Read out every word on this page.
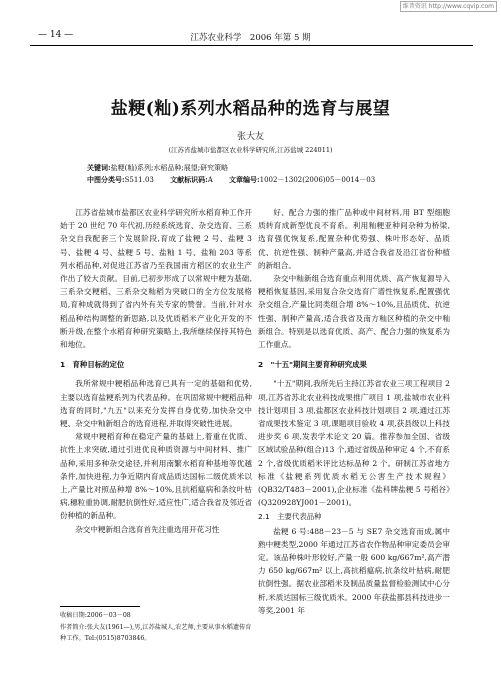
维普资讯 http://www.cqvip.com
— 14 —	江苏农业科学　2006 年第 5 期
盐粳(籼)系列水稻品种的选育与展望
张大友
(江苏省盐城市盐都区农业科学研究所,江苏盐城 224011)
关键词:盐粳(籼)系列;水稻品种;展望;研究策略
中图分类号:S511.03 文献标识码:A 文章编号:1002－1302(2006)05－0014－03

江苏省盐城市盐都区农业科学研究所水稻育种工作开始于 20 世纪 70 年代初,历经系统选育、杂交选育、三系杂交自我配套三个发展阶段,育成了盐粳 2 号、盐粳 3 号、盐粳 4 号、盐粳 5 号、盐籼 1 号、盐籼 203 等系列水稻品种,对促进江苏省乃至我国南方稻区的农业生产作出了较大贡献。目前,已初步形成了以常规中粳为基础,三系杂交粳稻、三系杂交籼稻为突破口的全方位发展格局,育种成就得到了省内外有关专家的赞誉。当前,针对水稻品种结构调整的新思路,以及优质稻米产业化开发的不断升级,在整个水稻育种研究策略上,我所继续保持其特色和地位。

1　育种目标的定位

我所常规中粳稻品种选育已具有一定的基础和优势,主要以选育盐粳系列为代表品种。在巩固常规中粳稻品种选育的同时,"九五"以来充分发挥自身优势,加快杂交中粳、杂交中籼新组合的选育进程,并取得突破性进展。

常规中粳稻育种在稳定产量的基础上,着重在优质、抗性上求突破,通过引进优良种质资源与中间材料、推广品种,采用多种杂交途径,并利用南繁水稻育种基地等优越条件,加快进程,力争近期内育成品质达国标二级优质米以上,产量比对照品种增 8%～10%,且抗稻瘟病和条纹叶枯病,穗粒重协调,耐肥抗倒性好,适应性广,适合我省及邻近省份种植的新品种。

杂交中粳新组合选育首先注重选用开花习性

好、配合力强的推广品种或中间材料,用 BT 型细胞质转育成新型优良不育系。利用籼粳亚种间杂种为桥梁,选育强优恢复系,配置杂种优势强、株叶形态好、品质优、抗逆性强、制种产量高,并适合我省及沿江省份种植的新组合。

杂交中籼新组合选育重点利用优质、高产恢复源导入粳稻恢复基因,采用复合杂交选育广谱性恢复系,配置强优杂交组合,产量比同类组合增 8%～10%,且品质优、抗逆性强、制种产量高,适合我省及南方籼区种植的杂交中籼新组合。特别是以选育优质、高产、配合力强的恢复系为工作重点。

2　"十五"期间主要育种研究成果

"十五"期间,我所先后主持江苏省农业三项工程项目 2 项,江苏省苏北农业科技成果推广项目 1 项,盐城市农业科技计划项目 3 项,盐都区农业科技计划项目 2 项,通过江苏省成果技术鉴定 3 项,课题项目验收 4 项,获县级以上科技进步奖 6 项,发表学术论文 20 篇。推荐参加全国、省级区域试验品种(组合)13 个,通过省级品种审定 4 个,不育系 2 个,省级优质稻米评比达标品种 2 个。研制江苏省地方标准《盐粳系列优质水稻无公害生产技术规程》(QB32/T483－2001),企业标准《盐科牌盐粳 5 号稻谷》(Q320928YJ001－2001)。

2.1　主要代表品种

盐粳 6 号:488－23－5 与 SE7 杂交选育而成,属中熟中粳类型,2000 年通过江苏省农作物品种审定委员会审定。该品种株叶形较好,产量一般 600 kg/667m²,高产潜力 650 kg/667m² 以上,高抗稻瘟病,抗条纹叶枯病,耐肥抗倒性强。据农业部稻米及制品质量监督检验测试中心分析,米质达国标三级优质米。2000 年获盐都县科技进步一等奖,2001 年

收稿日期:2006－03－08
作者简介:张大友(1961—),男,江苏盐城人,农艺师,主要从事水稻遗传育种工作。Tel:(0515)8703846。
